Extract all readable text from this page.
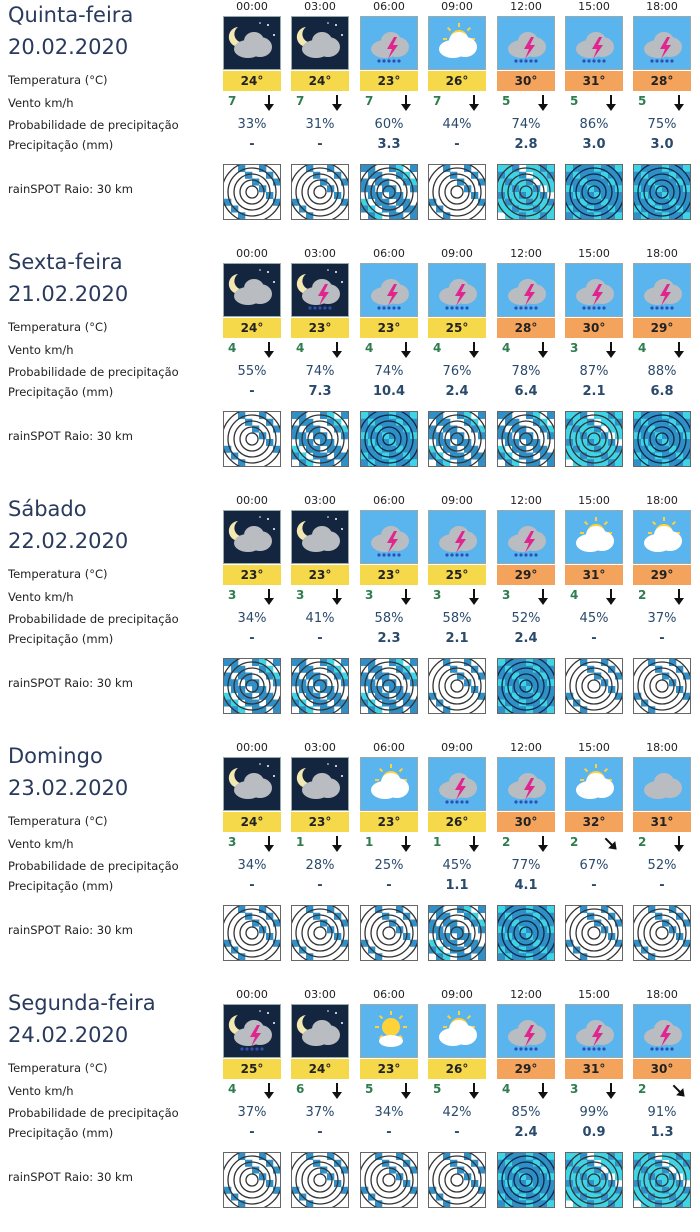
Quinta-feira
20.02.2020
Temperatura (°C)
Vento km/h
Probabilidade de precipitação
Precipitação (mm)
rainSPOT Raio: 30 km
00:00
24°
7
33%
-
03:00
24°
7
31%
-
06:00
23°
7
60%
3.3
09:00
26°
7
44%
-
12:00
30°
5
74%
2.8
15:00
31°
5
86%
3.0
18:00
28°
5
75%
3.0
Sexta-feira
21.02.2020
Temperatura (°C)
Vento km/h
Probabilidade de precipitação
Precipitação (mm)
rainSPOT Raio: 30 km
00:00
24°
4
55%
-
03:00
23°
4
74%
7.3
06:00
23°
4
74%
10.4
09:00
25°
4
76%
2.4
12:00
28°
4
78%
6.4
15:00
30°
3
87%
2.1
18:00
29°
4
88%
6.8
Sábado
22.02.2020
Temperatura (°C)
Vento km/h
Probabilidade de precipitação
Precipitação (mm)
rainSPOT Raio: 30 km
00:00
23°
3
34%
-
03:00
23°
3
41%
-
06:00
23°
3
58%
2.3
09:00
25°
3
58%
2.1
12:00
29°
3
52%
2.4
15:00
31°
4
45%
-
18:00
29°
2
37%
-
Domingo
23.02.2020
Temperatura (°C)
Vento km/h
Probabilidade de precipitação
Precipitação (mm)
rainSPOT Raio: 30 km
00:00
24°
3
34%
-
03:00
23°
1
28%
-
06:00
23°
1
25%
-
09:00
26°
1
45%
1.1
12:00
30°
2
77%
4.1
15:00
32°
2
67%
-
18:00
31°
2
52%
-
Segunda-feira
24.02.2020
Temperatura (°C)
Vento km/h
Probabilidade de precipitação
Precipitação (mm)
rainSPOT Raio: 30 km
00:00
25°
4
37%
-
03:00
24°
6
37%
-
06:00
23°
5
34%
-
09:00
26°
5
42%
-
12:00
29°
4
85%
2.4
15:00
31°
3
99%
0.9
18:00
30°
2
91%
1.3
